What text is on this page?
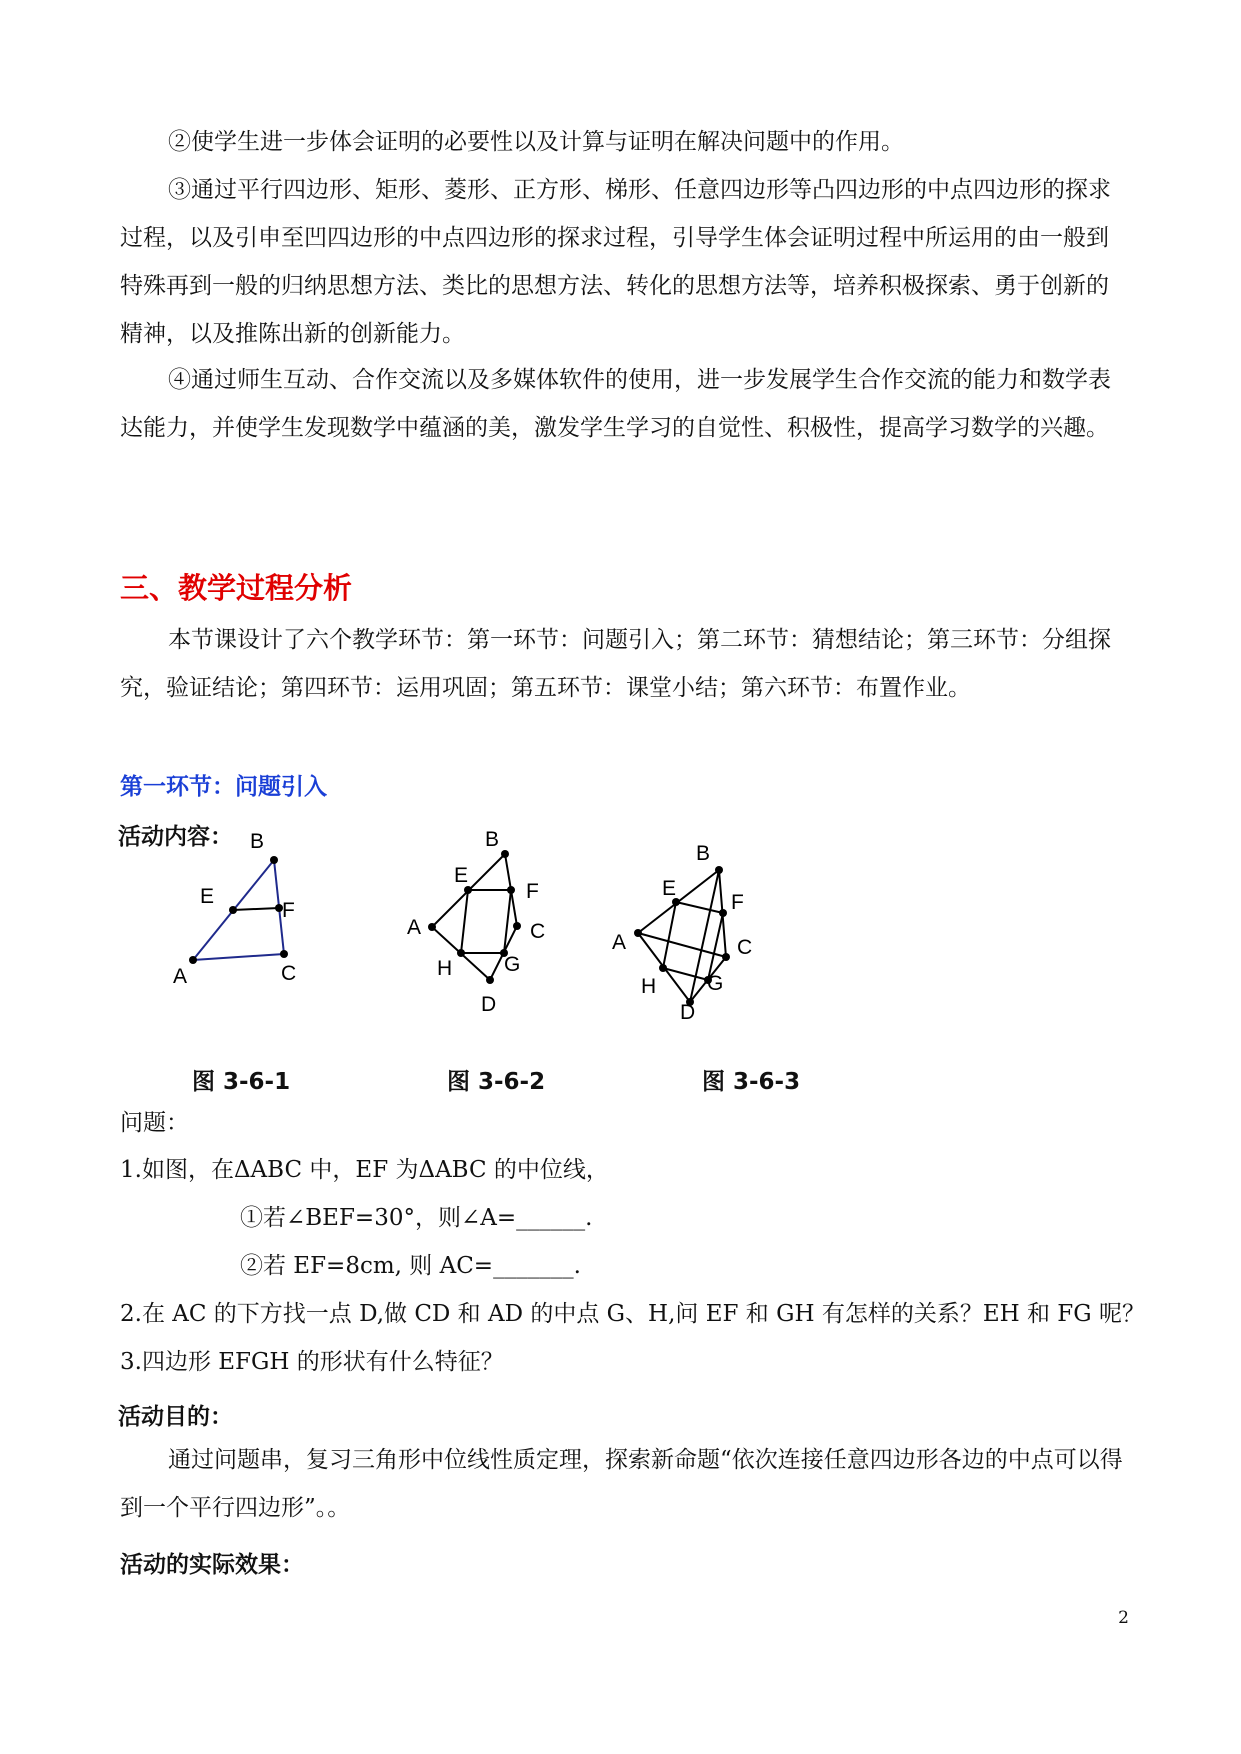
②使学生进一步体会证明的必要性以及计算与证明在解决问题中的作用。

③通过平行四边形、矩形、菱形、正方形、梯形、任意四边形等凸四边形的中点四边形的探求过程，以及引申至凹四边形的中点四边形的探求过程，引导学生体会证明过程中所运用的由一般到特殊再到一般的归纳思想方法、类比的思想方法、转化的思想方法等，培养积极探索、勇于创新的精神，以及推陈出新的创新能力。

④通过师生互动、合作交流以及多媒体软件的使用，进一步发展学生合作交流的能力和数学表达能力，并使学生发现数学中蕴涵的美，激发学生学习的自觉性、积极性，提高学习数学的兴趣。

三、教学过程分析

本节课设计了六个教学环节：第一环节：问题引入；第二环节：猜想结论；第三环节：分组探究，验证结论；第四环节：运用巩固；第五环节：课堂小结；第六环节：布置作业。

第一环节：问题引入
活动内容： B
E
F
A	C
B
E
F
A	C
H G
D
B
E
F
A	C
H G
D
图 3-6-1	图 3-6-2	图 3-6-3
问题：
1.如图，在ΔABC 中，EF 为ΔABC 的中位线，
①若∠BEF=30°，则∠A=______.
②若 EF=8cm, 则 AC=_______.
2.在 AC 的下方找一点 D,做 CD 和 AD 的中点 G、H,问 EF 和 GH 有怎样的关系？EH 和 FG 呢？
3.四边形 EFGH 的形状有什么特征？
活动目的：

通过问题串，复习三角形中位线性质定理，探索新命题“依次连接任意四边形各边的中点可以得到一个平行四边形”。。

活动的实际效果：
2
